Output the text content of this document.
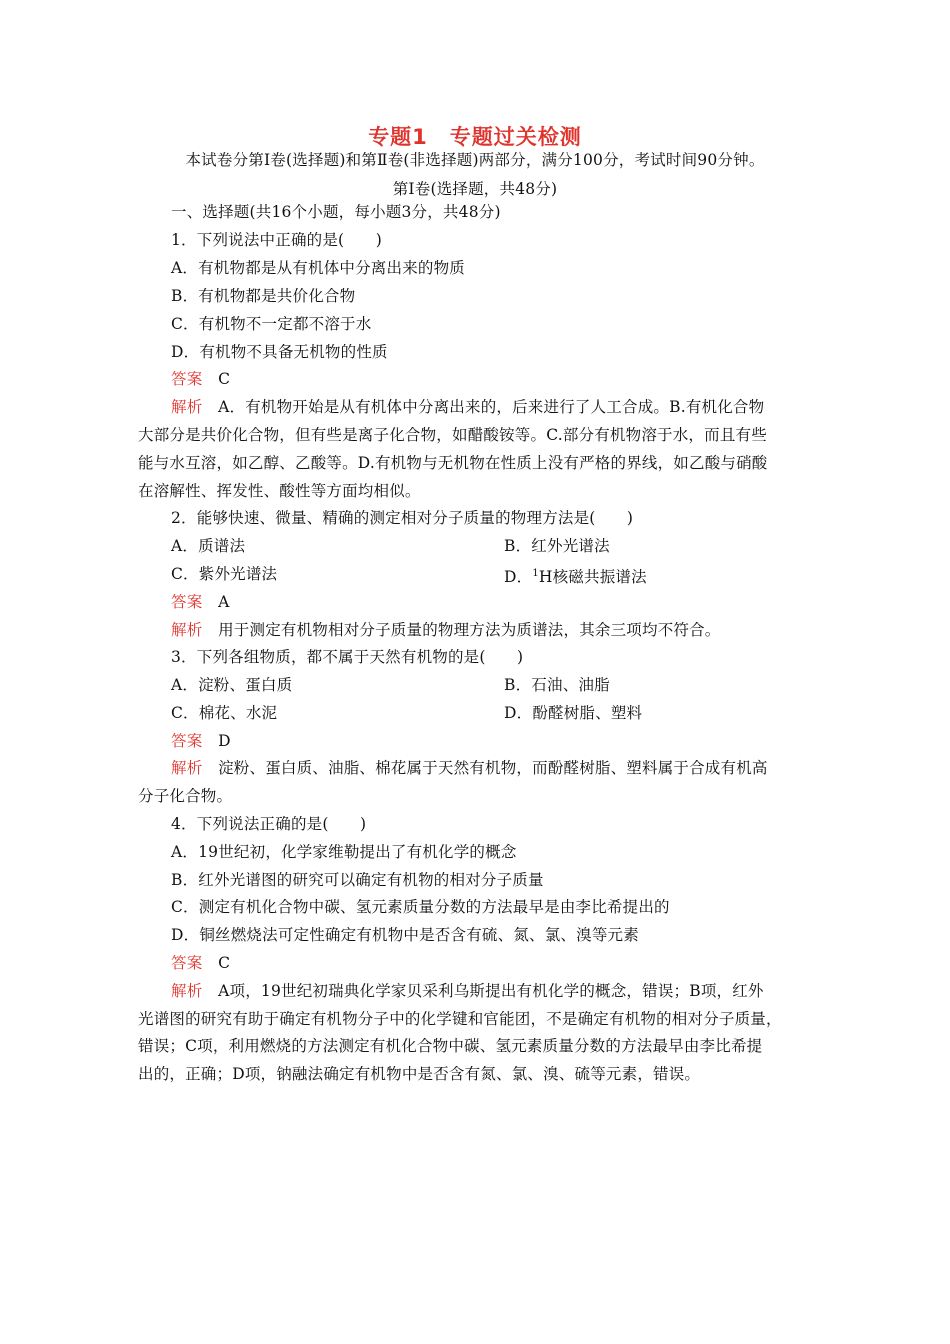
专题1　专题过关检测
本试卷分第Ⅰ卷(选择题)和第Ⅱ卷(非选择题)两部分，满分100分，考试时间90分钟。
第Ⅰ卷(选择题，共48分)
一、选择题(共16个小题，每小题3分，共48分)
1．下列说法中正确的是(　　)
A．有机物都是从有机体中分离出来的物质
B．有机物都是共价化合物
C．有机物不一定都不溶于水
D．有机物不具备无机物的性质
答案　 C
解析　 A．有机物开始是从有机体中分离出来的，后来进行了人工合成。B.有机化合物
大部分是共价化合物，但有些是离子化合物，如醋酸铵等。C.部分有机物溶于水，而且有些
能与水互溶，如乙醇、乙酸等。D.有机物与无机物在性质上没有严格的界线，如乙酸与硝酸
在溶解性、挥发性、酸性等方面均相似。
2．能够快速、微量、精确的测定相对分子质量的物理方法是(　　)
A．质谱法	B．红外光谱法
C．紫外光谱法	D．$^1$H核磁共振谱法
答案　 A
解析　 用于测定有机物相对分子质量的物理方法为质谱法，其余三项均不符合。
3．下列各组物质，都不属于天然有机物的是(　　)
A．淀粉、蛋白质	B．石油、油脂
C．棉花、水泥	D．酚醛树脂、塑料
答案　 D
解析　 淀粉、蛋白质、油脂、棉花属于天然有机物，而酚醛树脂、塑料属于合成有机高
分子化合物。
4．下列说法正确的是(　　)
A．19世纪初，化学家维勒提出了有机化学的概念
B．红外光谱图的研究可以确定有机物的相对分子质量
C．测定有机化合物中碳、氢元素质量分数的方法最早是由李比希提出的
D．铜丝燃烧法可定性确定有机物中是否含有硫、氮、氯、溴等元素
答案　 C
解析　 A项，19世纪初瑞典化学家贝采利乌斯提出有机化学的概念，错误；B项，红外
光谱图的研究有助于确定有机物分子中的化学键和官能团，不是确定有机物的相对分子质量，
错误；C项，利用燃烧的方法测定有机化合物中碳、氢元素质量分数的方法最早由李比希提
出的，正确；D项，钠融法确定有机物中是否含有氮、氯、溴、硫等元素，错误。
